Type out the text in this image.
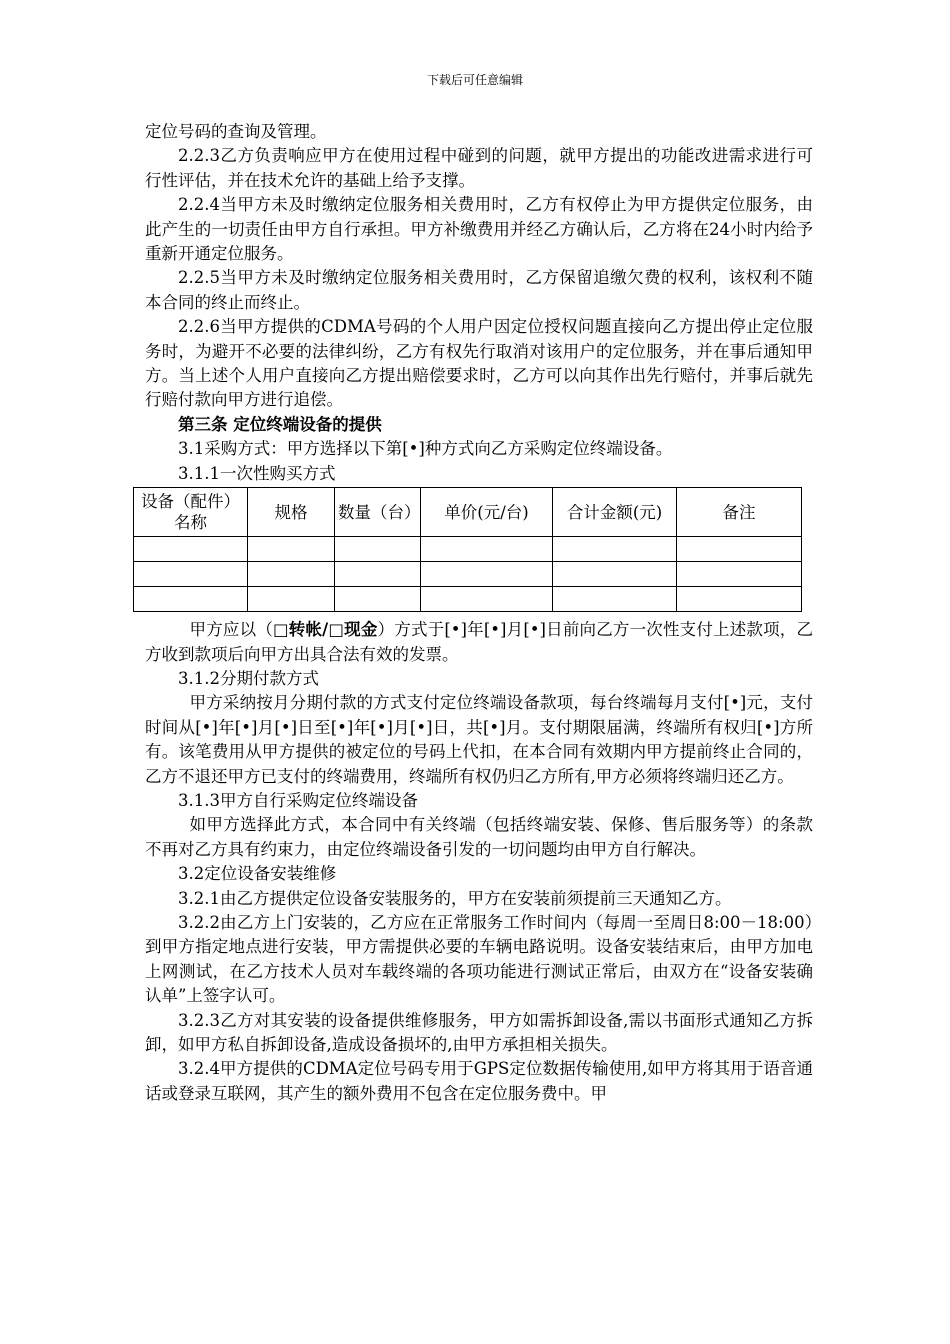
下载后可任意编辑

定位号码的查询及管理。

2.2.3乙方负责响应甲方在使用过程中碰到的问题，就甲方提出的功能改进需求进行可行性评估，并在技术允许的基础上给予支撑。

2.2.4当甲方未及时缴纳定位服务相关费用时，乙方有权停止为甲方提供定位服务，由此产生的一切责任由甲方自行承担。甲方补缴费用并经乙方确认后，乙方将在24小时内给予重新开通定位服务。

2.2.5当甲方未及时缴纳定位服务相关费用时，乙方保留追缴欠费的权利，该权利不随本合同的终止而终止。

2.2.6当甲方提供的CDMA号码的个人用户因定位授权问题直接向乙方提出停止定位服务时，为避开不必要的法律纠纷，乙方有权先行取消对该用户的定位服务，并在事后通知甲方。当上述个人用户直接向乙方提出赔偿要求时，乙方可以向其作出先行赔付，并事后就先行赔付款向甲方进行追偿。

第三条 定位终端设备的提供

3.1采购方式：甲方选择以下第[•]种方式向乙方采购定位终端设备。

3.1.1一次性购买方式

设备（配件）名称	规格	数量（台）	单价(元/台)	合计金额(元)	备注

甲方应以（□转帐/□现金）方式于[•]年[•]月[•]日前向乙方一次性支付上述款项，乙方收到款项后向甲方出具合法有效的发票。

3.1.2分期付款方式

甲方采纳按月分期付款的方式支付定位终端设备款项，每台终端每月支付[•]元，支付时间从[•]年[•]月[•]日至[•]年[•]月[•]日，共[•]月。支付期限届满，终端所有权归[•]方所有。该笔费用从甲方提供的被定位的号码上代扣，在本合同有效期内甲方提前终止合同的，乙方不退还甲方已支付的终端费用，终端所有权仍归乙方所有,甲方必须将终端归还乙方。

3.1.3甲方自行采购定位终端设备

如甲方选择此方式，本合同中有关终端（包括终端安装、保修、售后服务等）的条款不再对乙方具有约束力，由定位终端设备引发的一切问题均由甲方自行解决。

3.2定位设备安装维修

3.2.1由乙方提供定位设备安装服务的，甲方在安装前须提前三天通知乙方。

3.2.2由乙方上门安装的，乙方应在正常服务工作时间内（每周一至周日8:00－18:00）到甲方指定地点进行安装，甲方需提供必要的车辆电路说明。设备安装结束后，由甲方加电上网测试，在乙方技术人员对车载终端的各项功能进行测试正常后，由双方在“设备安装确认单”上签字认可。

3.2.3乙方对其安装的设备提供维修服务，甲方如需拆卸设备,需以书面形式通知乙方拆卸，如甲方私自拆卸设备,造成设备损坏的,由甲方承担相关损失。

3.2.4甲方提供的CDMA定位号码专用于GPS定位数据传输使用,如甲方将其用于语音通话或登录互联网，其产生的额外费用不包含在定位服务费中。甲
